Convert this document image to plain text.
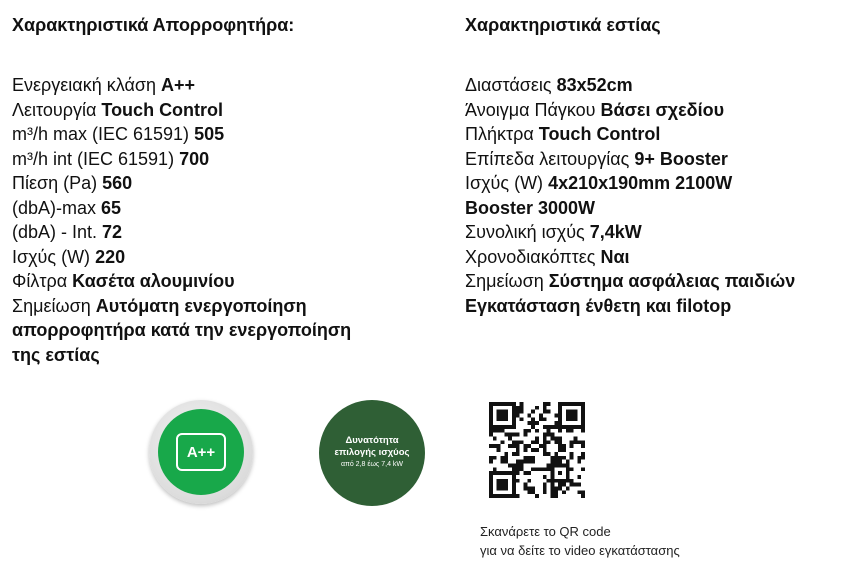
Χαρακτηριστικά Απορροφητήρα:
Ενεργειακή κλάση A++
Λειτουργία Touch Control
m³/h max (IEC 61591) 505
m³/h int (IEC 61591) 700
Πίεση (Pa) 560
(dbA)-max 65
(dbA) - Int. 72
Ισχύς (W) 220
Φίλτρα Κασέτα αλουμινίου
Σημείωση Αυτόματη ενεργοποίηση
απορροφητήρα κατά την ενεργοποίηση
της εστίας
Χαρακτηριστικά εστίας
Διαστάσεις 83x52cm
Άνοιγμα Πάγκου Βάσει σχεδίου
Πλήκτρα Touch Control
Επίπεδα λειτουργίας 9+ Booster
Ισχύς (W) 4x210x190mm 2100W
Booster 3000W
Συνολική ισχύς 7,4kW
Χρονοδιακόπτες Ναι
Σημείωση Σύστημα ασφάλειας παιδιών
Εγκατάσταση ένθετη και filotop
A++
Δυνατότητα
επιλογής ισχύος
από 2,8 έως 7,4 kW
Σκανάρετε το QR code
για να δείτε το video εγκατάστασης
